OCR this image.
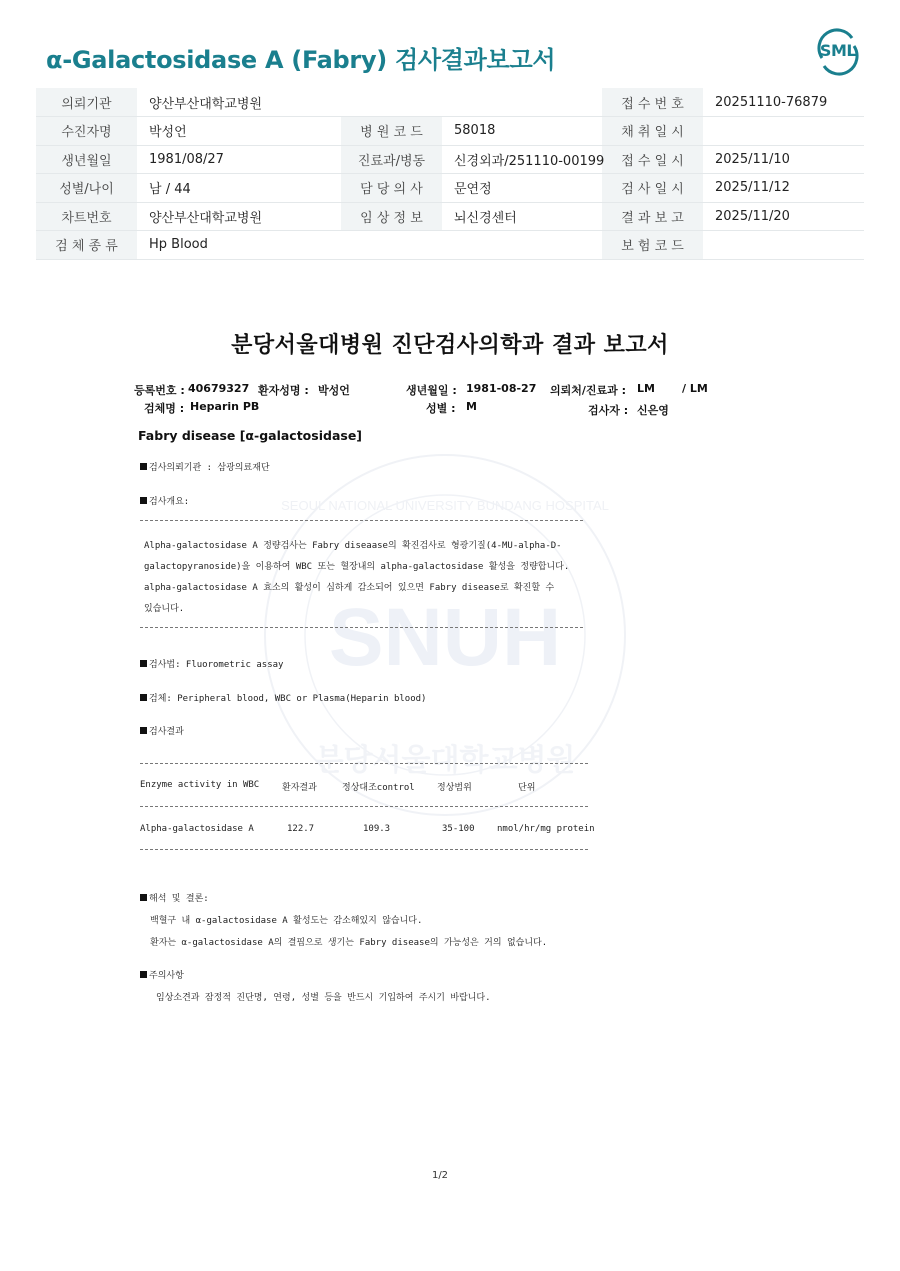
α-Galactosidase A (Fabry) 검사결과보고서	SML
의뢰기관	양산부산대학교병원			접 수 번 호	20251110-76879
수진자명	박성언	병 원 코 드	58018	채 취 일 시	
생년월일	1981/08/27	진료과/병동	신경외과/251110-00199	접 수 일 시	2025/11/10
성별/나이	남 / 44	담 당 의 사	문연정	검 사 일 시	2025/11/12
차트번호	양산부산대학교병원	임 상 정 보	뇌신경센터	결 과 보 고	2025/11/20
검 체 종 류	Hp Blood			보 험 코 드	
SNUH
SEOUL NATIONAL UNIVERSITY BUNDANG HOSPITAL
분당서울대학교병원
분당서울대병원 진단검사의학과 결과 보고서
등록번호 : 40679327 환자성명 : 박성언	생년월일 : 1981-08-27 의뢰처/진료과 : LM / LM
검체명 : Heparin PB	성별 : M	검사자 : 신은영
Fabry disease [α-galactosidase]
검사의뢰기관 : 삼광의료재단
검사개요:
Alpha-galactosidase A 정량검사는 Fabry diseaase의 확진검사로 형광기질(4-MU-alpha-D-
galactopyranoside)을 이용하여 WBC 또는 혈장내의 alpha-galactosidase 활성을 정량합니다.
alpha-galactosidase A 효소의 활성이 심하게 감소되어 있으면 Fabry disease로 확진할 수
있습니다.
검사법: Fluorometric assay
검체: Peripheral blood, WBC or Plasma(Heparin blood)
검사결과
Enzyme activity in WBC	환자결과	정상대조control 정상범위	단위
Alpha-galactosidase A	122.7	109.3	35-100 nmol/hr/mg protein
해석 및 결론:
백혈구 내 α-galactosidase A 활성도는 감소해있지 않습니다.
환자는 α-galactosidase A의 결핍으로 생기는 Fabry disease의 가능성은 거의 없습니다.
주의사항
임상소견과 잠정적 진단명, 연령, 성별 등을 반드시 기입하여 주시기 바랍니다.
1/2
